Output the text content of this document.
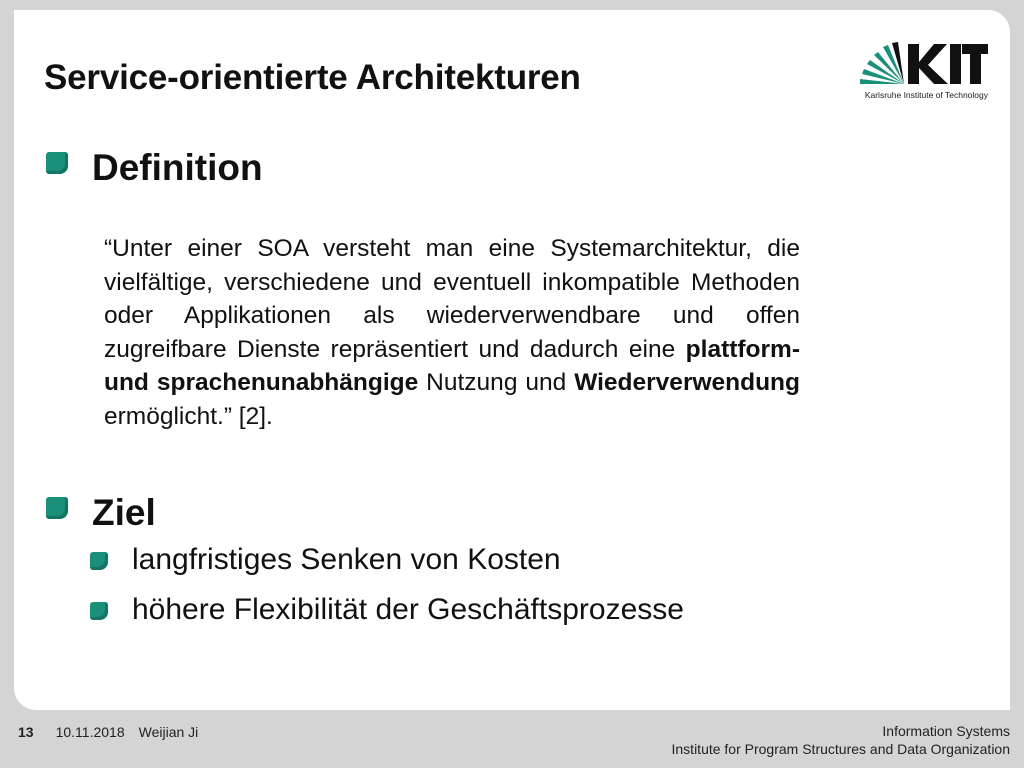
Service-orientierte Architekturen	Karlsruhe Institute of Technology
Definition

“Unter einer SOA versteht man eine Systemarchitektur, die vielfältige, verschiedene und eventuell inkompatible Methoden oder Applikationen als wiederverwendbare und offen zugreifbare Dienste repräsentiert und dadurch eine plattform- und sprachenunabhängige Nutzung und Wiederverwendung ermöglicht.” [2].

Ziel
langfristiges Senken von Kosten
höhere Flexibilität der Geschäftsprozesse
13 10.11.2018 Weijian Ji	Information Systems
Institute for Program Structures and Data Organization
